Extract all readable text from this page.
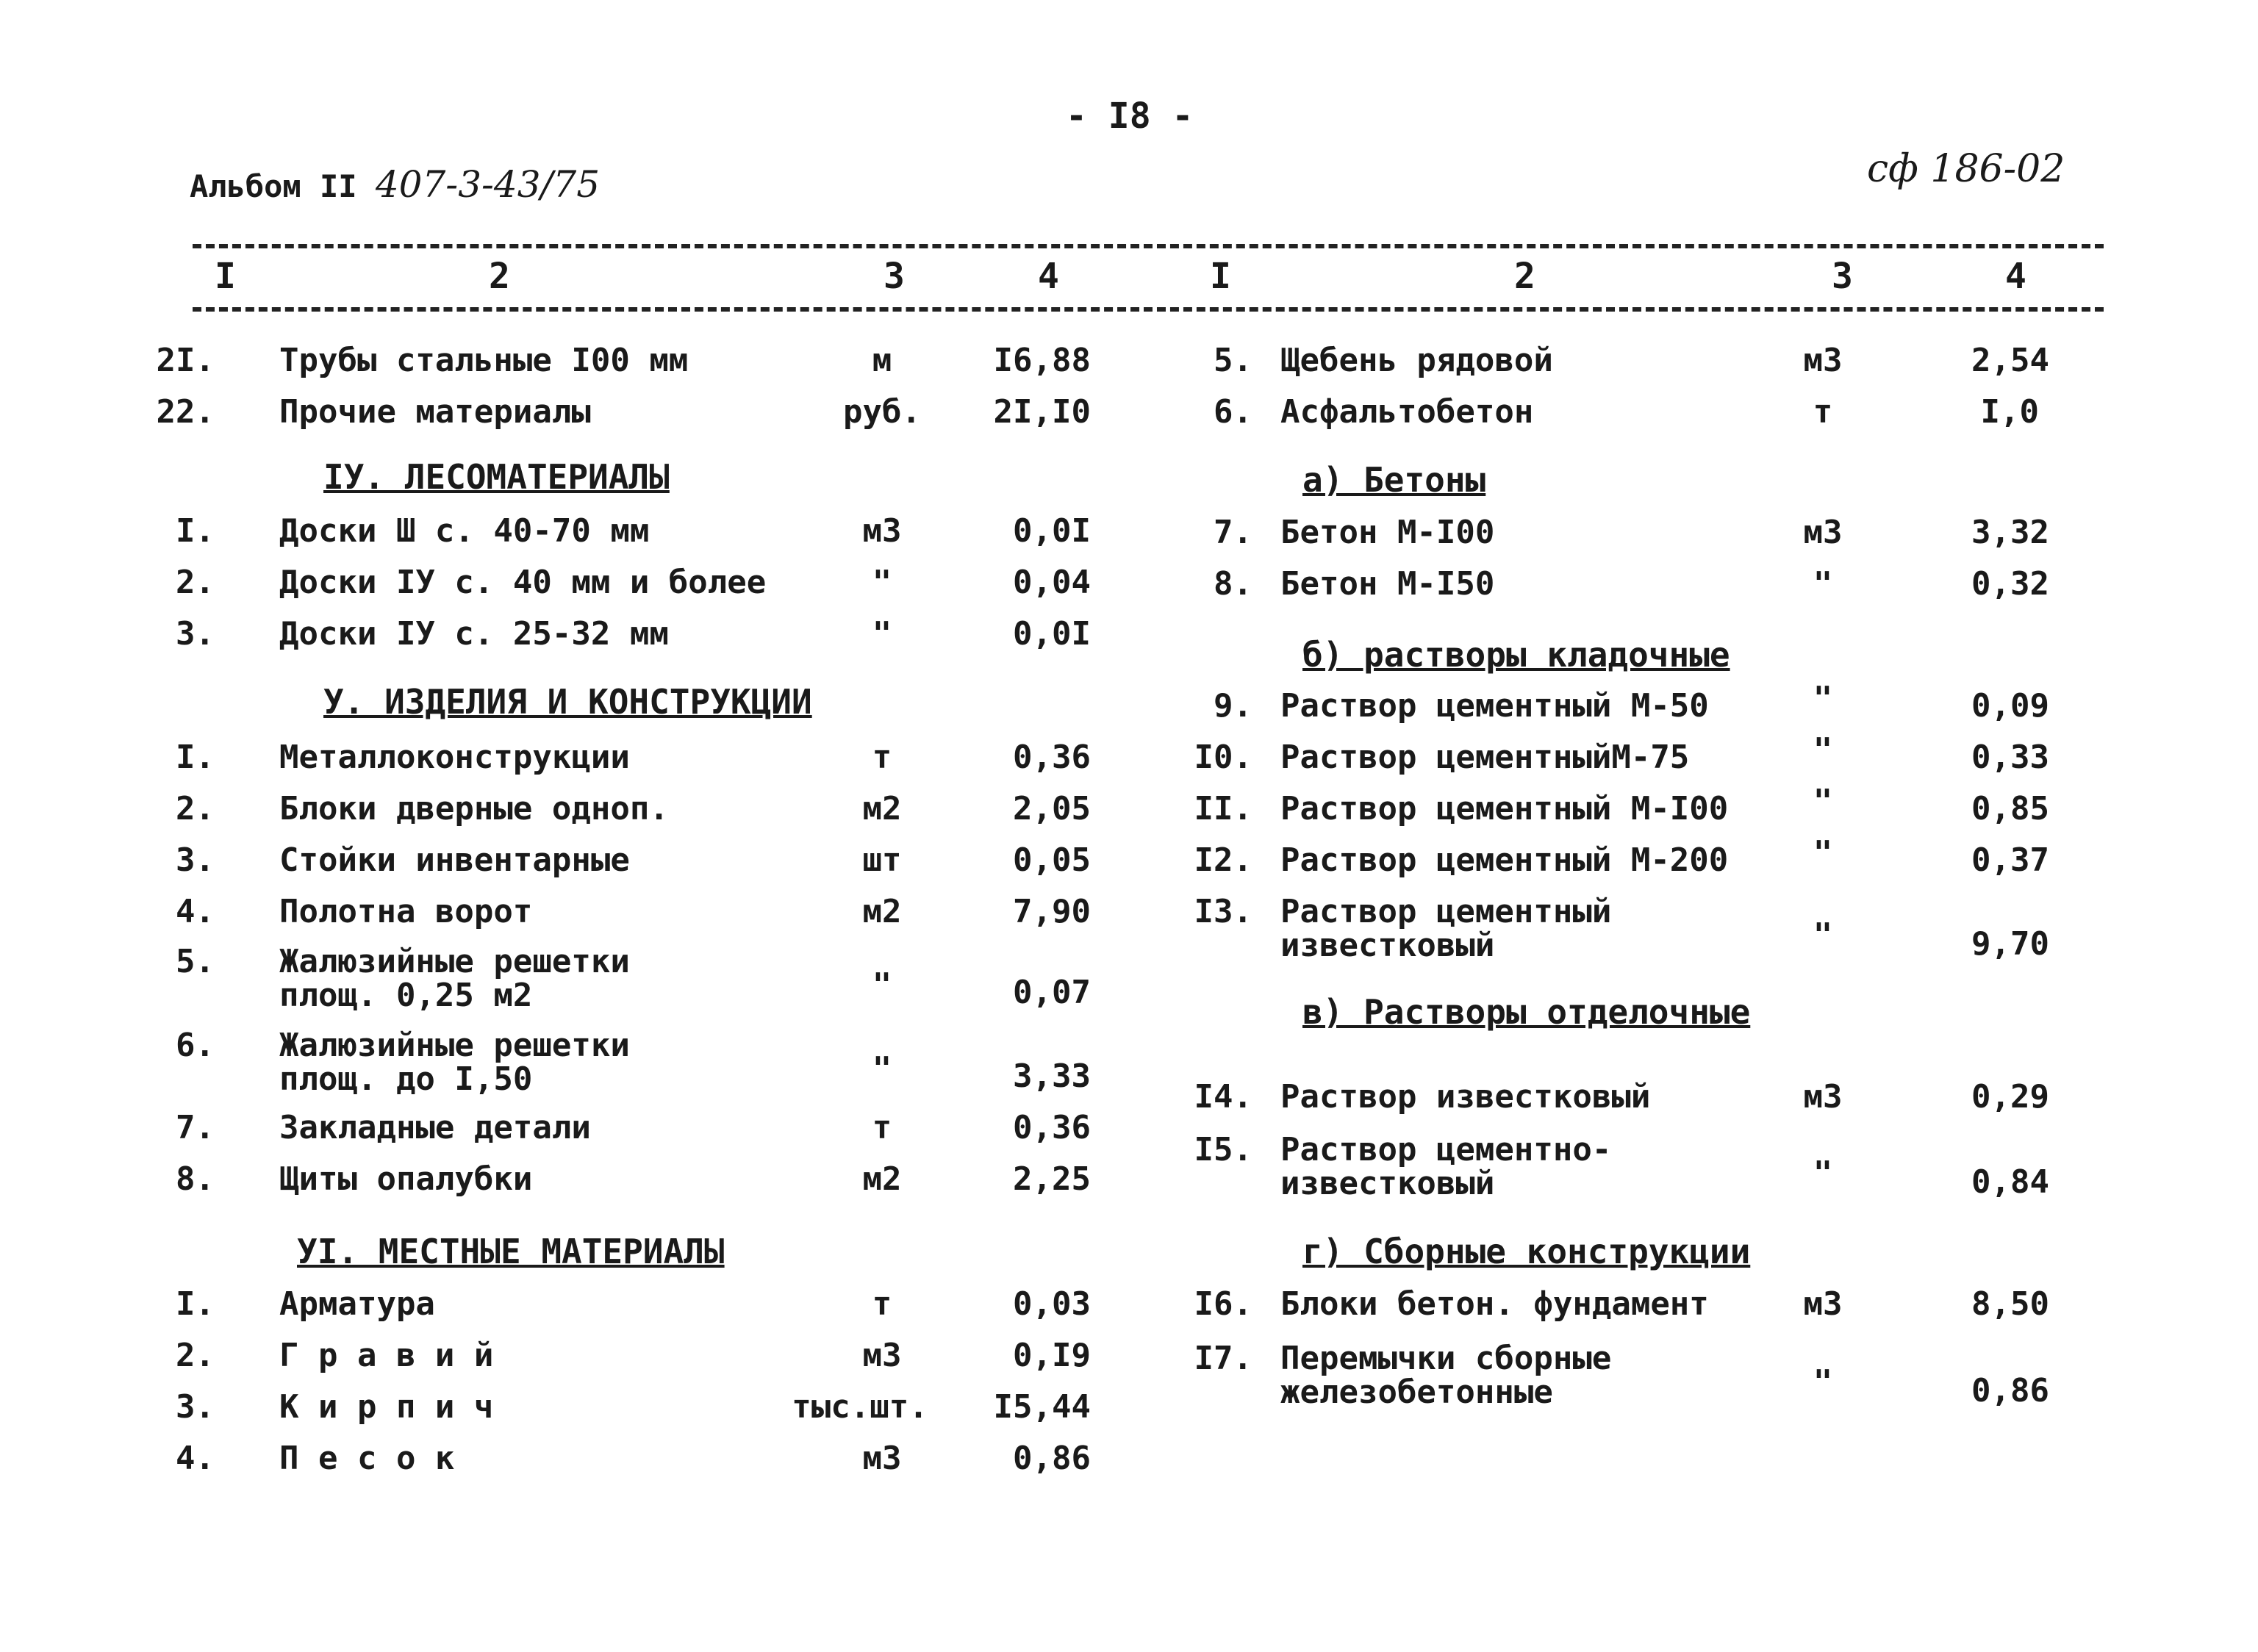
- I8 -
Альбом II 407-3-43/75	сф 186-02
I	2	3	4	I	2	3	4
2I. Трубы стальные I00 мм	м	I6,88
22. Прочие материалы	руб. 2I,I0
IУ. ЛЕСОМАТЕРИАЛЫ
I. Доски Ш с. 40-70 мм	м3	0,0I
2. Доски IУ с. 40 мм и более	"	0,04
3. Доски IУ с. 25-32 мм	"	0,0I
У. ИЗДЕЛИЯ И КОНСТРУКЦИИ
I. Металлоконструкции	т	0,36
2. Блоки дверные одноп.	м2	2,05
3. Стойки инвентарные	шт	0,05
4. Полотна ворот	м2	7,90
5. Жалюзийные решетки
площ. 0,25 м2	"	0,07
6. Жалюзийные решетки
площ. до I,50	"	3,33
7. Закладные детали	т	0,36
8. Щиты опалубки	м2	2,25
УI. МЕСТНЫЕ МАТЕРИАЛЫ
I. Арматура	т	0,03
2. Г р а в и й	м3	0,I9
3. К и р п и ч	тыс.шт.	I5,44
4. П е с о к	м3	0,86
5. Щебень рядовой	м3	2,54
6. Асфальтобетон	т	I,0
а) Бетоны
7. Бетон М-I00	м3	3,32
8. Бетон М-I50	"	0,32
б) растворы кладочные
9. Раствор цементный М-50	"	0,09
I0. Раствор цементныйМ-75	"	0,33
II. Раствор цементный М-I00	"	0,85
I2. Раствор цементный М-200	"	0,37
I3. Раствор цементный
известковый	"	9,70
в) Растворы отделочные
I4. Раствор известковый	м3	0,29
I5. Раствор цементно-
известковый	"	0,84
г) Сборные конструкции
I6. Блоки бетон. фундамент	м3	8,50
I7. Перемычки сборные
железобетонные	"	0,86
